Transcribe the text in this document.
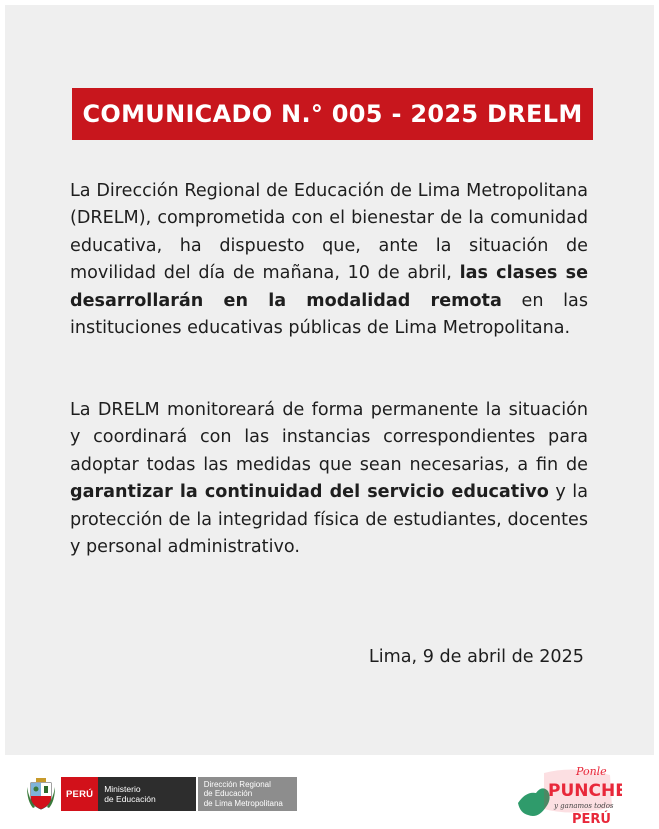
COMUNICADO N.° 005 - 2025 DRELM

La Dirección Regional de Educación de Lima Metropolitana (DRELM), comprometida con el bienestar de la comunidad educativa, ha dispuesto que, ante la situación de movilidad del día de mañana, 10 de abril, las clases se desarrollarán en la modalidad remota en las instituciones educativas públicas de Lima Metropolitana.

La DRELM monitoreará de forma permanente la situación y coordinará con las instancias correspondientes para adoptar todas las medidas que sean necesarias, a fin de garantizar la continuidad del servicio educativo y la protección de la integridad física de estudiantes, docentes y personal administrativo.

Lima, 9 de abril de 2025
PERÚ	Ministerio
de Educación
Dirección Regional
de Educación
de Lima Metropolitana
Ponle
PUNCHE
y ganamos todos
PERÚ
